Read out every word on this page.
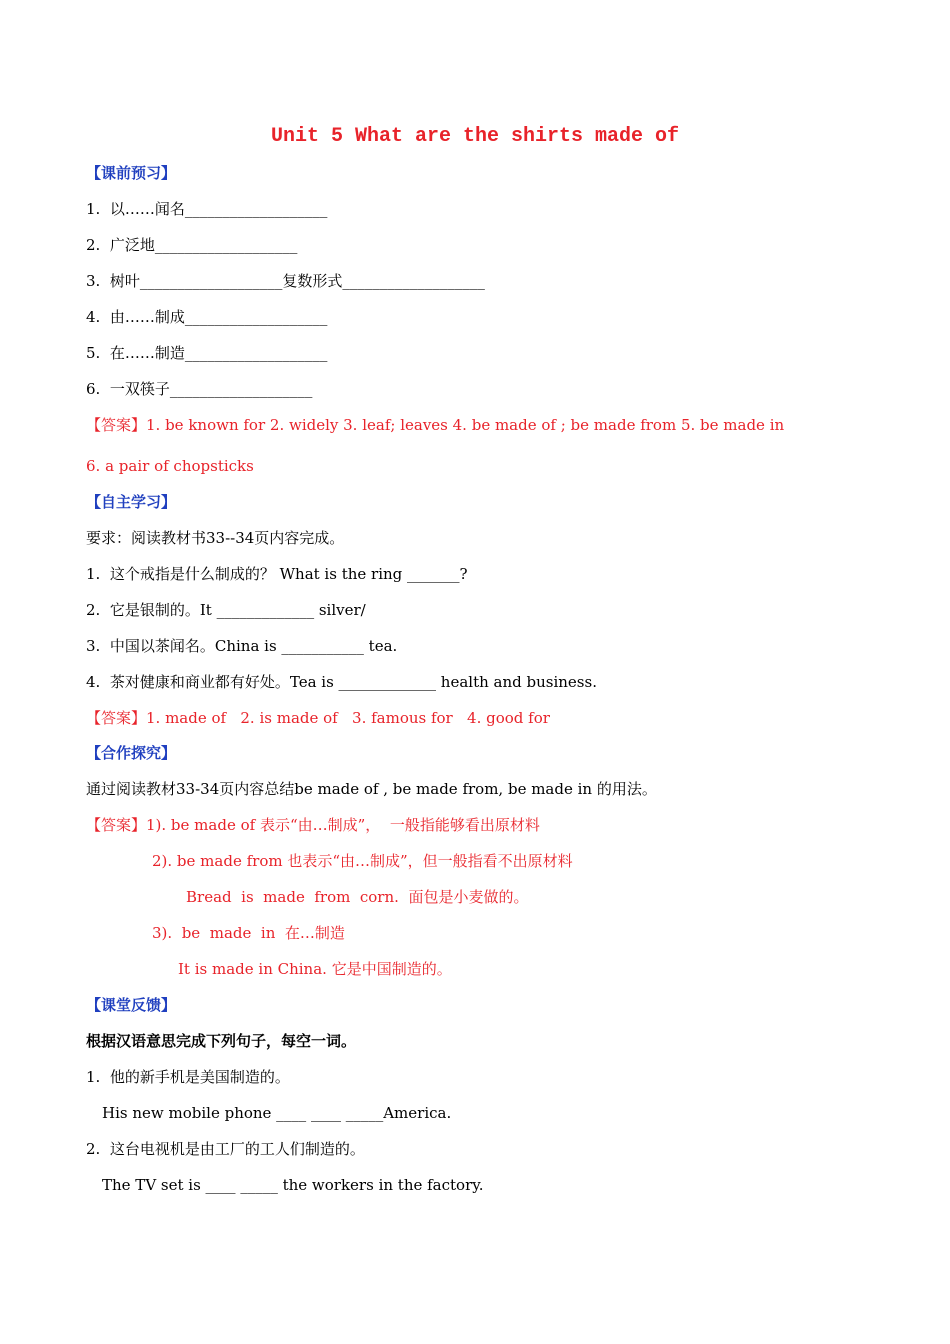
Unit 5 What are the shirts made of
【课前预习】
1.  以……闻名___________________
2.  广泛地___________________
3.  树叶___________________复数形式___________________
4.  由……制成___________________
5.  在……制造___________________
6.  一双筷子___________________
【答案】1. be known for 2. widely 3. leaf; leaves 4. be made of ; be made from 5. be made in
6. a pair of chopsticks
【自主学习】
要求：阅读教材书33--34页内容完成。
1.  这个戒指是什么制成的？ What is the ring _______?
2.  它是银制的。It _____________ silver/
3.  中国以茶闻名。China is ___________ tea.
4.  茶对健康和商业都有好处。Tea is _____________ health and business.
【答案】1. made of   2. is made of   3. famous for   4. good for
【合作探究】
通过阅读教材33-34页内容总结be made of , be made from, be made in 的用法。
【答案】1). be made of 表示“由…制成”，  一般指能够看出原材料
2). be made from 也表示“由…制成”，但一般指看不出原材料
Bread  is  made  from  corn.  面包是小麦做的。
3).  be  made  in  在…制造
It is made in China. 它是中国制造的。
【课堂反馈】
根据汉语意思完成下列句子，每空一词。
1.  他的新手机是美国制造的。
His new mobile phone ____ ____ _____America.
2.  这台电视机是由工厂的工人们制造的。
The TV set is ____ _____ the workers in the factory.
